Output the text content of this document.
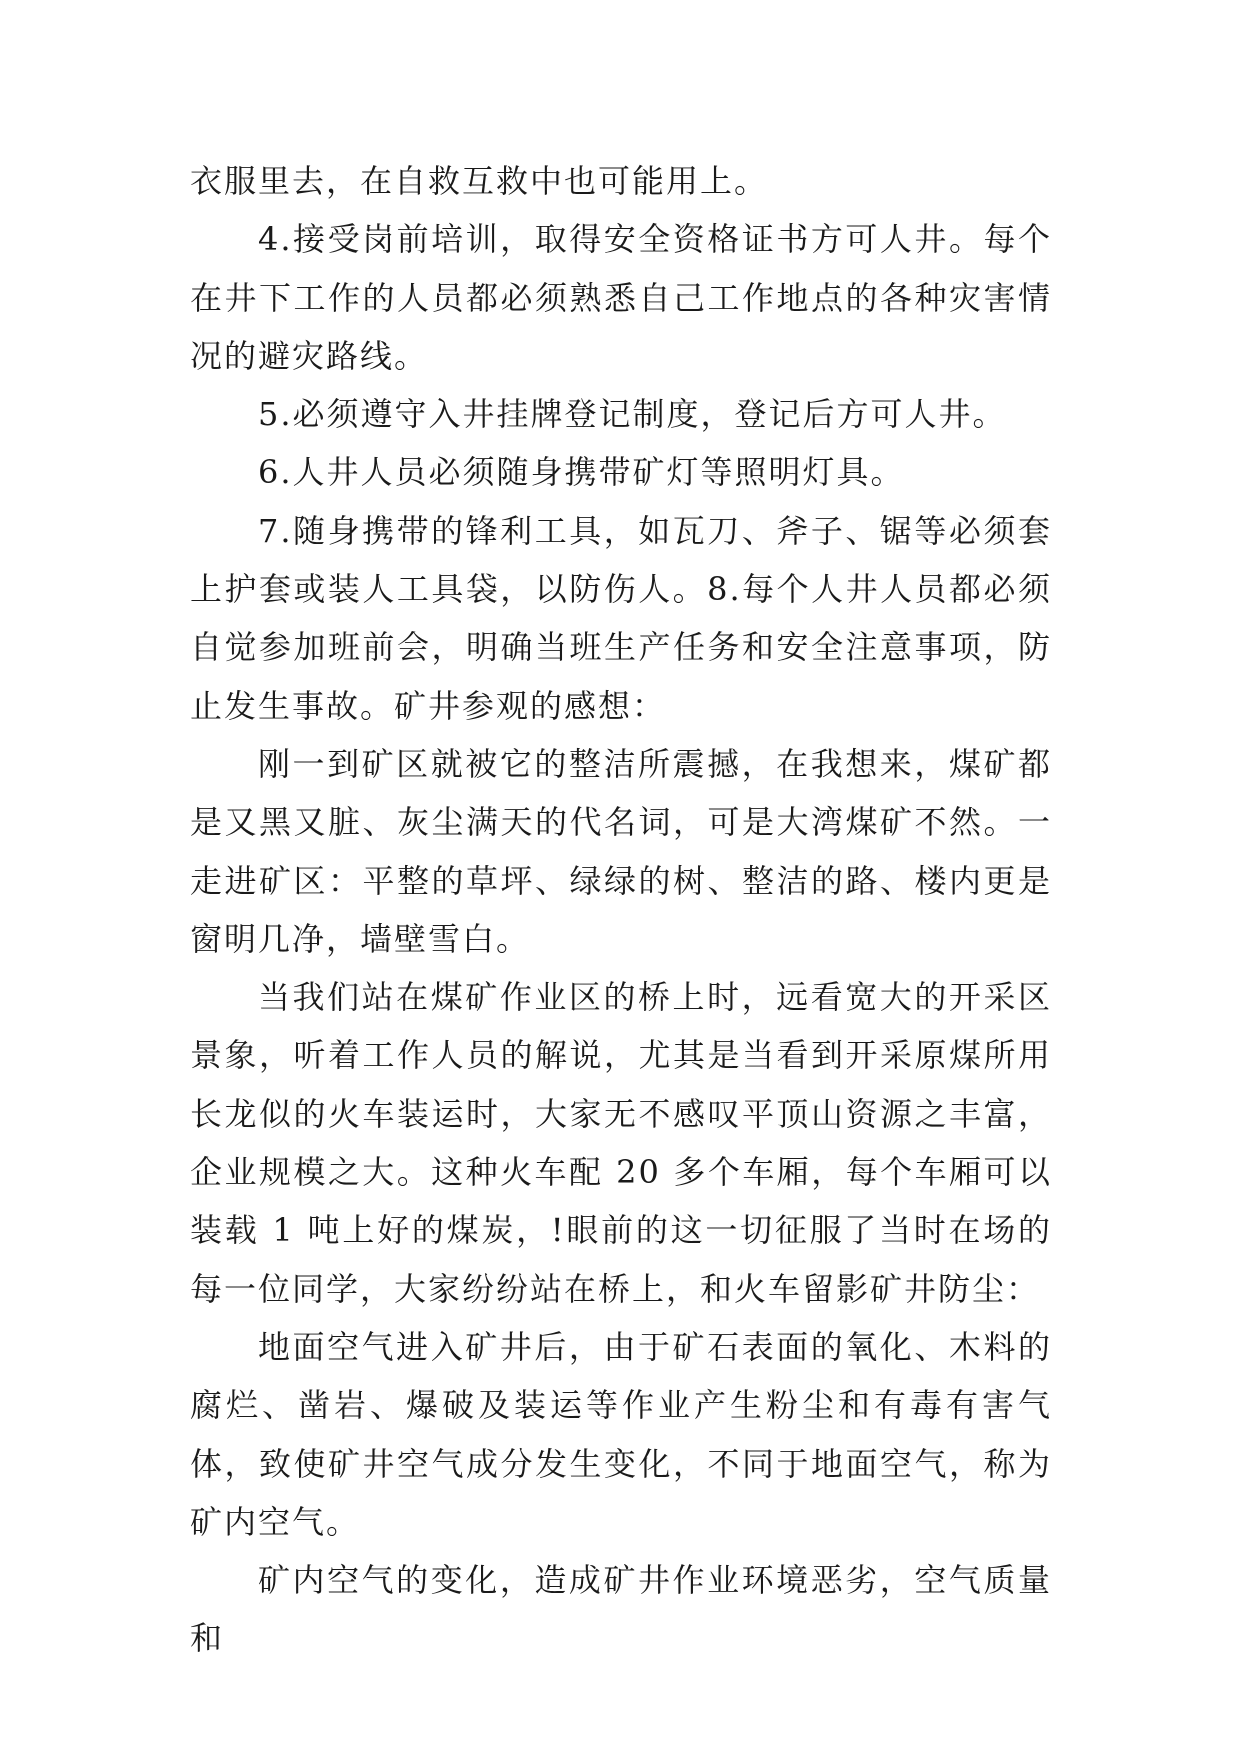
衣服里去，在自救互救中也可能用上。

4.接受岗前培训，取得安全资格证书方可人井。每个在井下工作的人员都必须熟悉自己工作地点的各种灾害情况的避灾路线。

5.必须遵守入井挂牌登记制度，登记后方可人井。

6.人井人员必须随身携带矿灯等照明灯具。

7.随身携带的锋利工具，如瓦刀、斧子、锯等必须套上护套或装人工具袋，以防伤人。8.每个人井人员都必须自觉参加班前会，明确当班生产任务和安全注意事项，防止发生事故。矿井参观的感想：

刚一到矿区就被它的整洁所震撼，在我想来，煤矿都是又黑又脏、灰尘满天的代名词，可是大湾煤矿不然。一走进矿区：平整的草坪、绿绿的树、整洁的路、楼内更是窗明几净，墙壁雪白。

当我们站在煤矿作业区的桥上时，远看宽大的开采区景象，听着工作人员的解说，尤其是当看到开采原煤所用长龙似的火车装运时，大家无不感叹平顶山资源之丰富，企业规模之大。这种火车配 20 多个车厢，每个车厢可以装载 1 吨上好的煤炭，!眼前的这一切征服了当时在场的每一位同学，大家纷纷站在桥上，和火车留影矿井防尘：

地面空气进入矿井后，由于矿石表面的氧化、木料的腐烂、凿岩、爆破及装运等作业产生粉尘和有毒有害气体，致使矿井空气成分发生变化，不同于地面空气，称为矿内空气。

矿内空气的变化，造成矿井作业环境恶劣，空气质量和
